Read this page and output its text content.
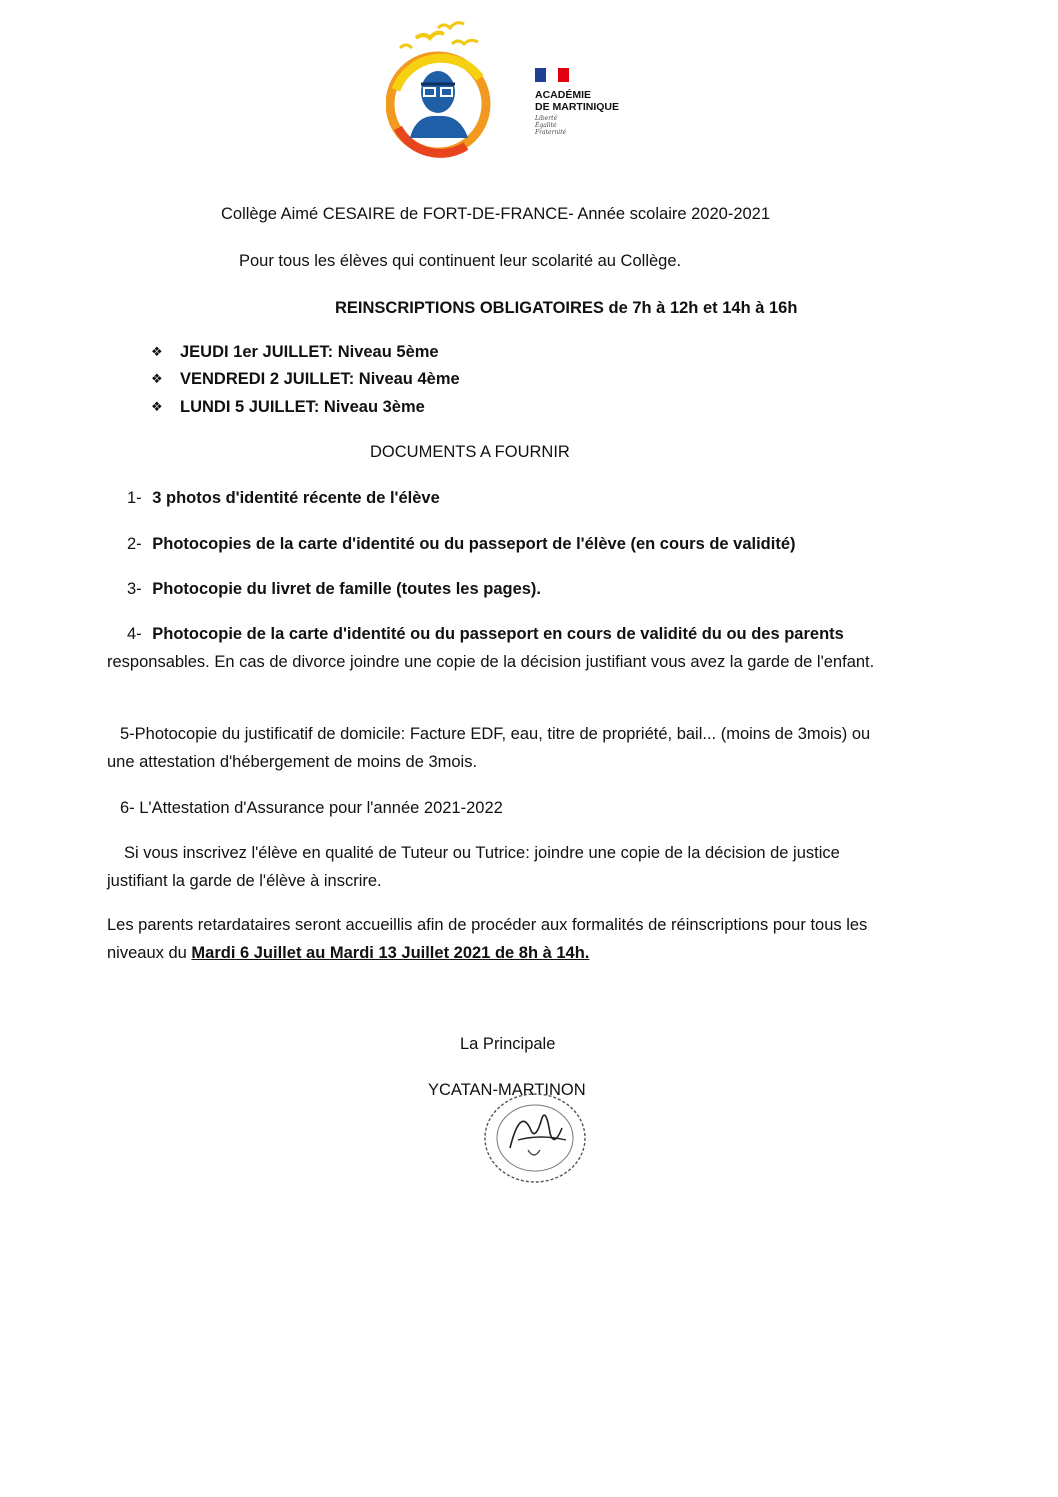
ACADÉMIE
DE MARTINIQUE
Liberté
Égalité
Fraternité
Collège Aimé CESAIRE de FORT-DE-FRANCE- Année scolaire 2020-2021
Pour tous les élèves qui continuent leur scolarité au Collège.
REINSCRIPTIONS OBLIGATOIRES de 7h à 12h et 14h à 16h
❖ JEUDI 1er JUILLET: Niveau 5ème
❖ VENDREDI 2 JUILLET: Niveau 4ème
❖ LUNDI 5 JUILLET: Niveau 3ème
DOCUMENTS A FOURNIR
1- 3 photos d'identité récente de l'élève
2- Photocopies de la carte d'identité ou du passeport de l'élève (en cours de validité)
3- Photocopie du livret de famille (toutes les pages).
4- Photocopie de la carte d'identité ou du passeport en cours de validité du ou des parents responsables. En cas de divorce joindre une copie de la décision justifiant vous avez la garde de l'enfant.
5-Photocopie du justificatif de domicile: Facture EDF, eau, titre de propriété, bail... (moins de 3mois) ou une attestation d'hébergement de moins de 3mois.
6- L'Attestation d'Assurance pour l'année 2021-2022
Si vous inscrivez l'élève en qualité de Tuteur ou Tutrice: joindre une copie de la décision de justice justifiant la garde de l'élève à inscrire.
Les parents retardataires seront accueillis afin de procéder aux formalités de réinscriptions pour tous les niveaux du Mardi 6 Juillet au Mardi 13 Juillet 2021 de 8h à 14h.
La Principale
YCATAN-MARTINON
